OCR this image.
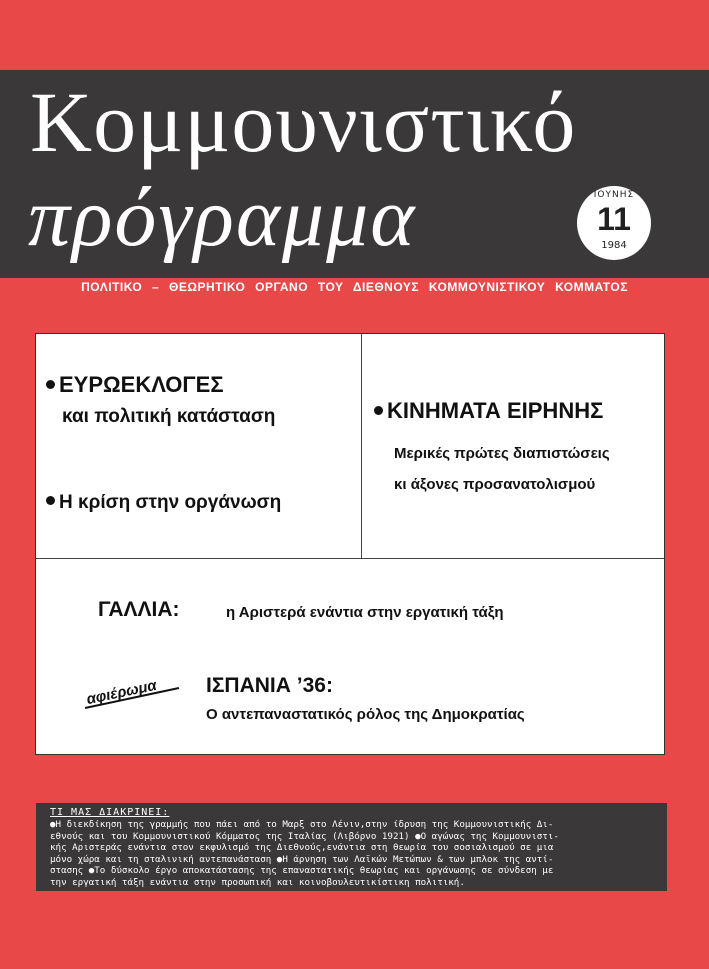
Κομμουνιστικό
πρόγραμμα	ΙΟΥΝΗΣ
11
1984
ΠΟΛΙΤΙΚΟ – ΘΕΩΡΗΤΙΚΟ ΟΡΓΑΝΟ ΤΟΥ ΔΙΕΘΝΟΥΣ ΚΟΜΜΟΥΝΙΣΤΙΚΟΥ ΚΟΜΜΑΤΟΣ
ΕΥΡΩΕΚΛΟΓΕΣ
και πολιτική κατάσταση
Η κρίση στην οργάνωση
ΚΙΝΗΜΑΤΑ ΕΙΡΗΝΗΣ
Μερικές πρώτες διαπιστώσεις
κι άξονες προσανατολισμού
ΓΑΛΛΙΑ:	η Αριστερά ενάντια στην εργατική τάξη
αφιέρωμα ΙΣΠΑΝΙΑ ’36:
Ο αντεπαναστατικός ρόλος της Δημοκρατίας
ΤΙ ΜΑΣ ΔΙΑΚΡΙΝΕΙ:
●Η διεκδίκηση της γραμμής που πάει από το Μαρξ στο Λένιν,στην ίδρυση της Κομμουνιστικής Δι-
εθνούς και του Κομμουνιστικού Κόμματος της Ιταλίας (Λιβόρνο 1921) ●Ο αγώνας της Κομμουνιστι-
κής Αριστεράς ενάντια στον εκφυλισμό της Διεθνούς,ενάντια στη θεωρία του σοσιαλισμού σε μια
μόνο χώρα και τη σταλινική αντεπανάσταση ●Η άρνηση των Λαϊκών Μετώπων & των μπλοκ της αντί-
στασης ●Το δύσκολο έργο αποκατάστασης της επαναστατικής θεωρίας και οργάνωσης σε σύνδεση με
την εργατική τάξη ενάντια στην προσωπική και κοινοβουλευτικίστικη πολιτική.
